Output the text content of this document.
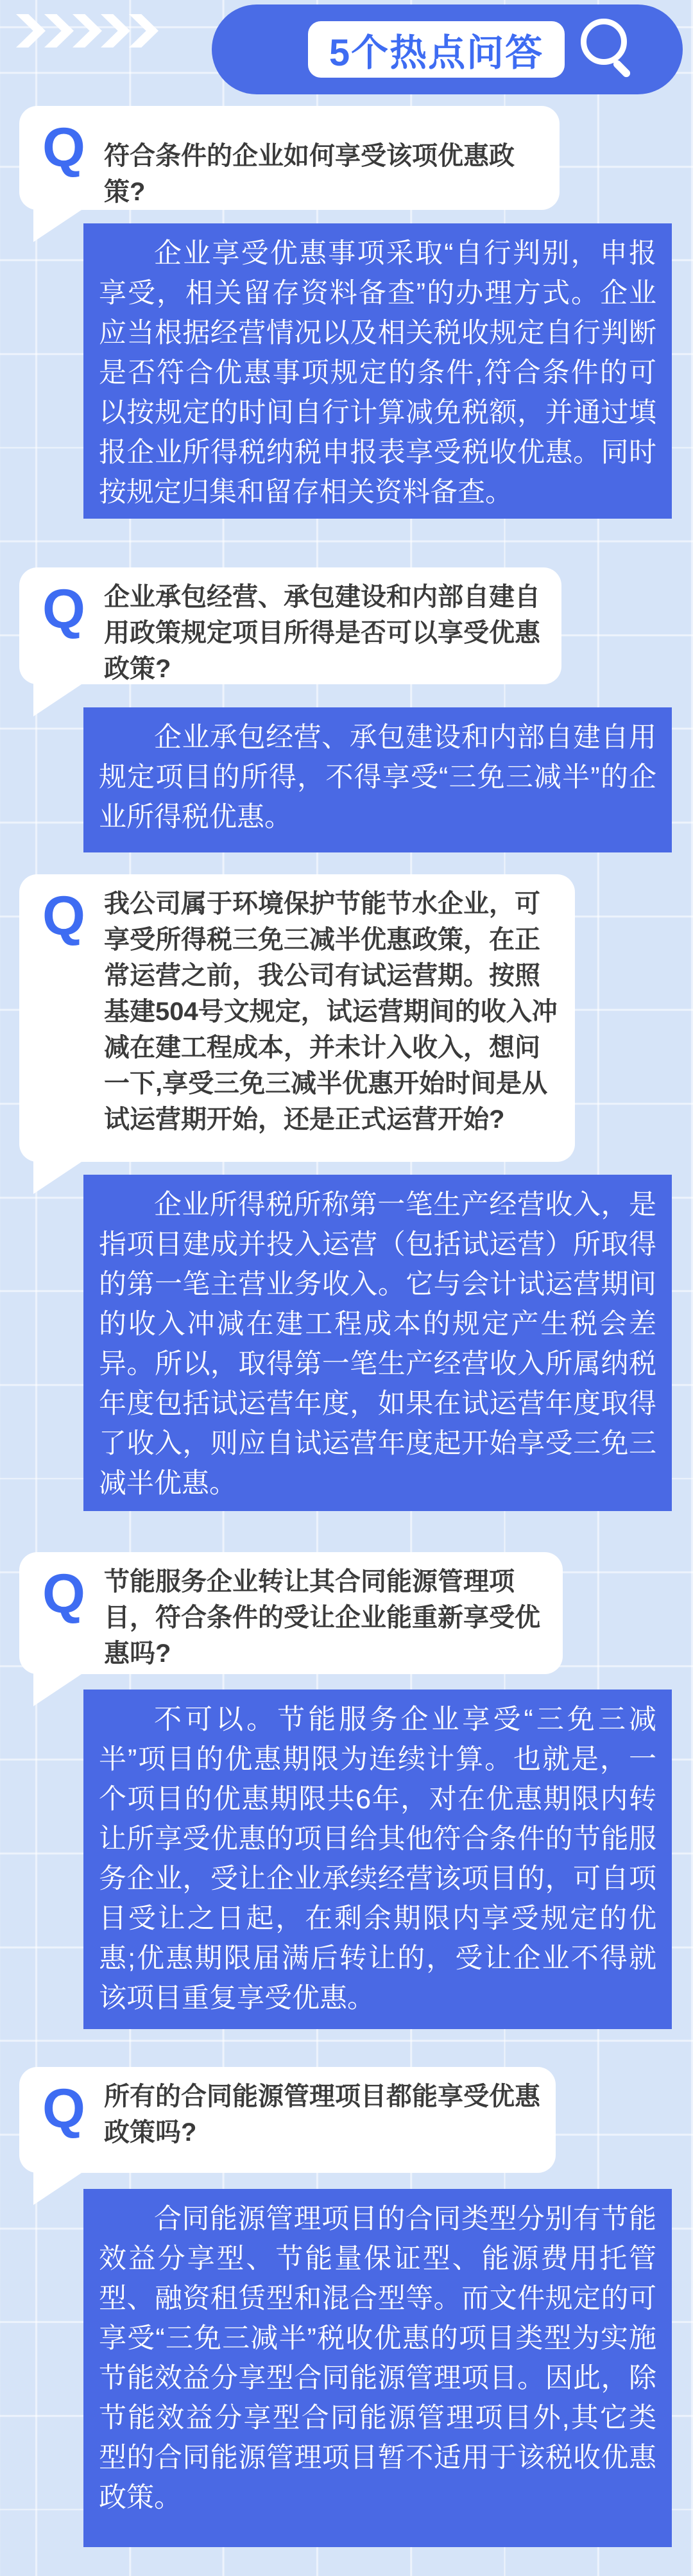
5个热点问答
Q 符合条件的企业如何享受该项优惠政策?

企业享受优惠事项采取“自行判别，申报享受，相关留存资料备查”的办理方式。企业应当根据经营情况以及相关税收规定自行判断是否符合优惠事项规定的条件,符合条件的可以按规定的时间自行计算减免税额，并通过填报企业所得税纳税申报表享受税收优惠。同时按规定归集和留存相关资料备查。

Q 企业承包经营、承包建设和内部自建自用政策规定项目所得是否可以享受优惠政策?

企业承包经营、承包建设和内部自建自用规定项目的所得，不得享受“三免三减半”的企业所得税优惠。

Q 我公司属于环境保护节能节水企业，可享受所得税三免三减半优惠政策，在正常运营之前，我公司有试运营期。按照基建504号文规定，试运营期间的收入冲减在建工程成本，并未计入收入，想问一下,享受三免三减半优惠开始时间是从试运营期开始，还是正式运营开始?

企业所得税所称第一笔生产经营收入，是指项目建成并投入运营（包括试运营）所取得的第一笔主营业务收入。它与会计试运营期间的收入冲减在建工程成本的规定产生税会差异。所以，取得第一笔生产经营收入所属纳税年度包括试运营年度，如果在试运营年度取得了收入，则应自试运营年度起开始享受三免三减半优惠。

Q 节能服务企业转让其合同能源管理项目，符合条件的受让企业能重新享受优惠吗?

不可以。节能服务企业享受“三免三减半”项目的优惠期限为连续计算。也就是，一个项目的优惠期限共6年，对在优惠期限内转让所享受优惠的项目给其他符合条件的节能服务企业，受让企业承续经营该项目的，可自项目受让之日起，在剩余期限内享受规定的优惠;优惠期限届满后转让的，受让企业不得就该项目重复享受优惠。

Q 所有的合同能源管理项目都能享受优惠政策吗?

合同能源管理项目的合同类型分别有节能效益分享型、节能量保证型、能源费用托管型、融资租赁型和混合型等。而文件规定的可享受“三免三减半”税收优惠的项目类型为实施节能效益分享型合同能源管理项目。因此，除节能效益分享型合同能源管理项目外,其它类型的合同能源管理项目暂不适用于该税收优惠政策。
